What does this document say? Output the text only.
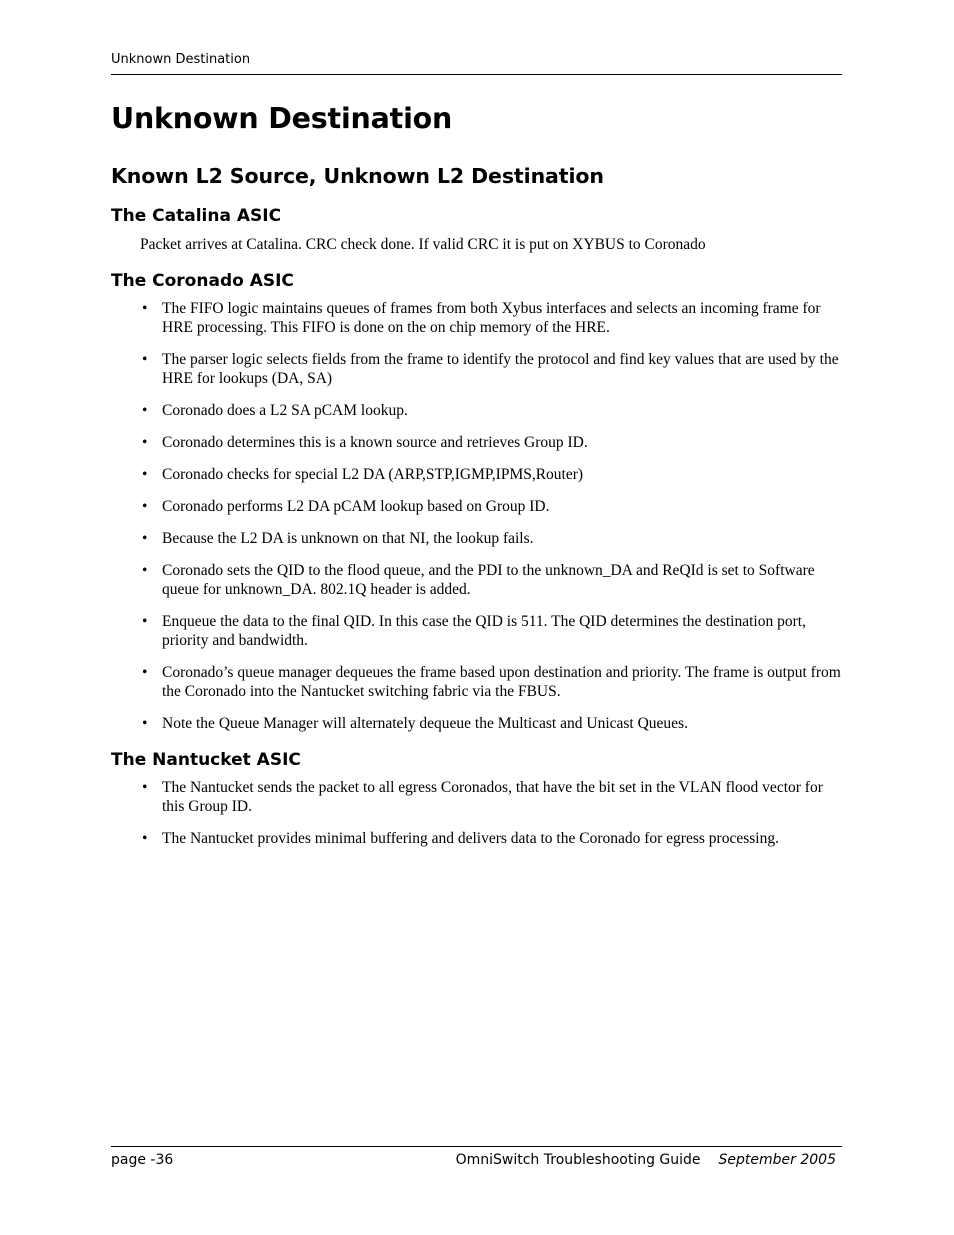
Unknown Destination
Unknown Destination
Known L2 Source, Unknown L2 Destination
The Catalina ASIC

Packet arrives at Catalina. CRC check done. If valid CRC it is put on XYBUS to Coronado

The Coronado ASIC
• The FIFO logic maintains queues of frames from both Xybus interfaces and selects an incoming frame for HRE processing. This FIFO is done on the on chip memory of the HRE.
• The parser logic selects fields from the frame to identify the protocol and find key values that are used by the HRE for lookups (DA, SA)
• Coronado does a L2 SA pCAM lookup.
• Coronado determines this is a known source and retrieves Group ID.
• Coronado checks for special L2 DA (ARP,STP,IGMP,IPMS,Router)
• Coronado performs L2 DA pCAM lookup based on Group ID.
• Because the L2 DA is unknown on that NI, the lookup fails.
• Coronado sets the QID to the flood queue, and the PDI to the unknown_DA and ReQId is set to Software queue for unknown_DA. 802.1Q header is added.
• Enqueue the data to the final QID. In this case the QID is 511. The QID determines the destination port, priority and bandwidth.
• Coronado’s queue manager dequeues the frame based upon destination and priority. The frame is output from the Coronado into the Nantucket switching fabric via the FBUS.
• Note the Queue Manager will alternately dequeue the Multicast and Unicast Queues.
The Nantucket ASIC
• The Nantucket sends the packet to all egress Coronados, that have the bit set in the VLAN flood vector for this Group ID.
• The Nantucket provides minimal buffering and delivers data to the Coronado for egress processing.
page -36	OmniSwitch Troubleshooting Guide September 2005
